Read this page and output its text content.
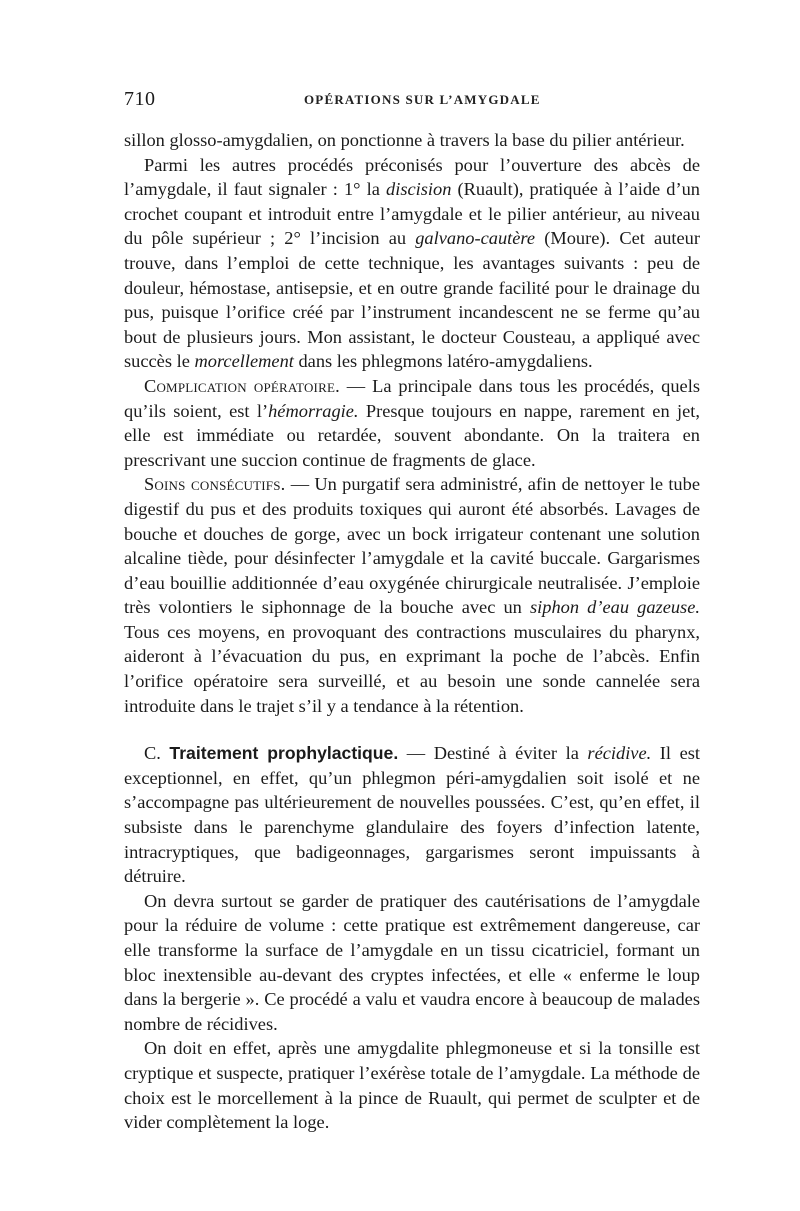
710	OPÉRATIONS SUR L’AMYGDALE

sillon glosso-amygdalien, on ponctionne à travers la base du pilier antérieur.

Parmi les autres procédés préconisés pour l’ouverture des abcès de l’amygdale, il faut signaler : 1° la discision (Ruault), pratiquée à l’aide d’un crochet coupant et introduit entre l’amygdale et le pilier antérieur, au niveau du pôle supérieur ; 2° l’incision au galvano-cautère (Moure). Cet auteur trouve, dans l’emploi de cette technique, les avantages suivants : peu de douleur, hémostase, antisepsie, et en outre grande facilité pour le drainage du pus, puisque l’orifice créé par l’instrument incandescent ne se ferme qu’au bout de plusieurs jours. Mon assistant, le docteur Cousteau, a appliqué avec succès le morcellement dans les phlegmons latéro-amygdaliens.

Complication opératoire. — La principale dans tous les procédés, quels qu’ils soient, est l’hémorragie. Presque toujours en nappe, rarement en jet, elle est immédiate ou retardée, souvent abondante. On la traitera en prescrivant une succion continue de fragments de glace.

Soins consécutifs. — Un purgatif sera administré, afin de nettoyer le tube digestif du pus et des produits toxiques qui auront été absorbés. Lavages de bouche et douches de gorge, avec un bock irrigateur contenant une solution alcaline tiède, pour désinfecter l’amygdale et la cavité buccale. Gargarismes d’eau bouillie additionnée d’eau oxygénée chirurgicale neutralisée. J’emploie très volontiers le siphonnage de la bouche avec un siphon d’eau gazeuse. Tous ces moyens, en provoquant des contractions musculaires du pharynx, aideront à l’évacuation du pus, en exprimant la poche de l’abcès. Enfin l’orifice opératoire sera surveillé, et au besoin une sonde cannelée sera introduite dans le trajet s’il y a tendance à la rétention.

C. Traitement prophylactique. — Destiné à éviter la récidive. Il est exceptionnel, en effet, qu’un phlegmon péri-amygdalien soit isolé et ne s’accompagne pas ultérieurement de nouvelles poussées. C’est, qu’en effet, il subsiste dans le parenchyme glandulaire des foyers d’infection latente, intracryptiques, que badigeonnages, gargarismes seront impuissants à détruire.

On devra surtout se garder de pratiquer des cautérisations de l’amygdale pour la réduire de volume : cette pratique est extrêmement dangereuse, car elle transforme la surface de l’amygdale en un tissu cicatriciel, formant un bloc inextensible au-devant des cryptes infectées, et elle « enferme le loup dans la bergerie ». Ce procédé a valu et vaudra encore à beaucoup de malades nombre de récidives.

On doit en effet, après une amygdalite phlegmoneuse et si la tonsille est cryptique et suspecte, pratiquer l’exérèse totale de l’amygdale. La méthode de choix est le morcellement à la pince de Ruault, qui permet de sculpter et de vider complètement la loge.
